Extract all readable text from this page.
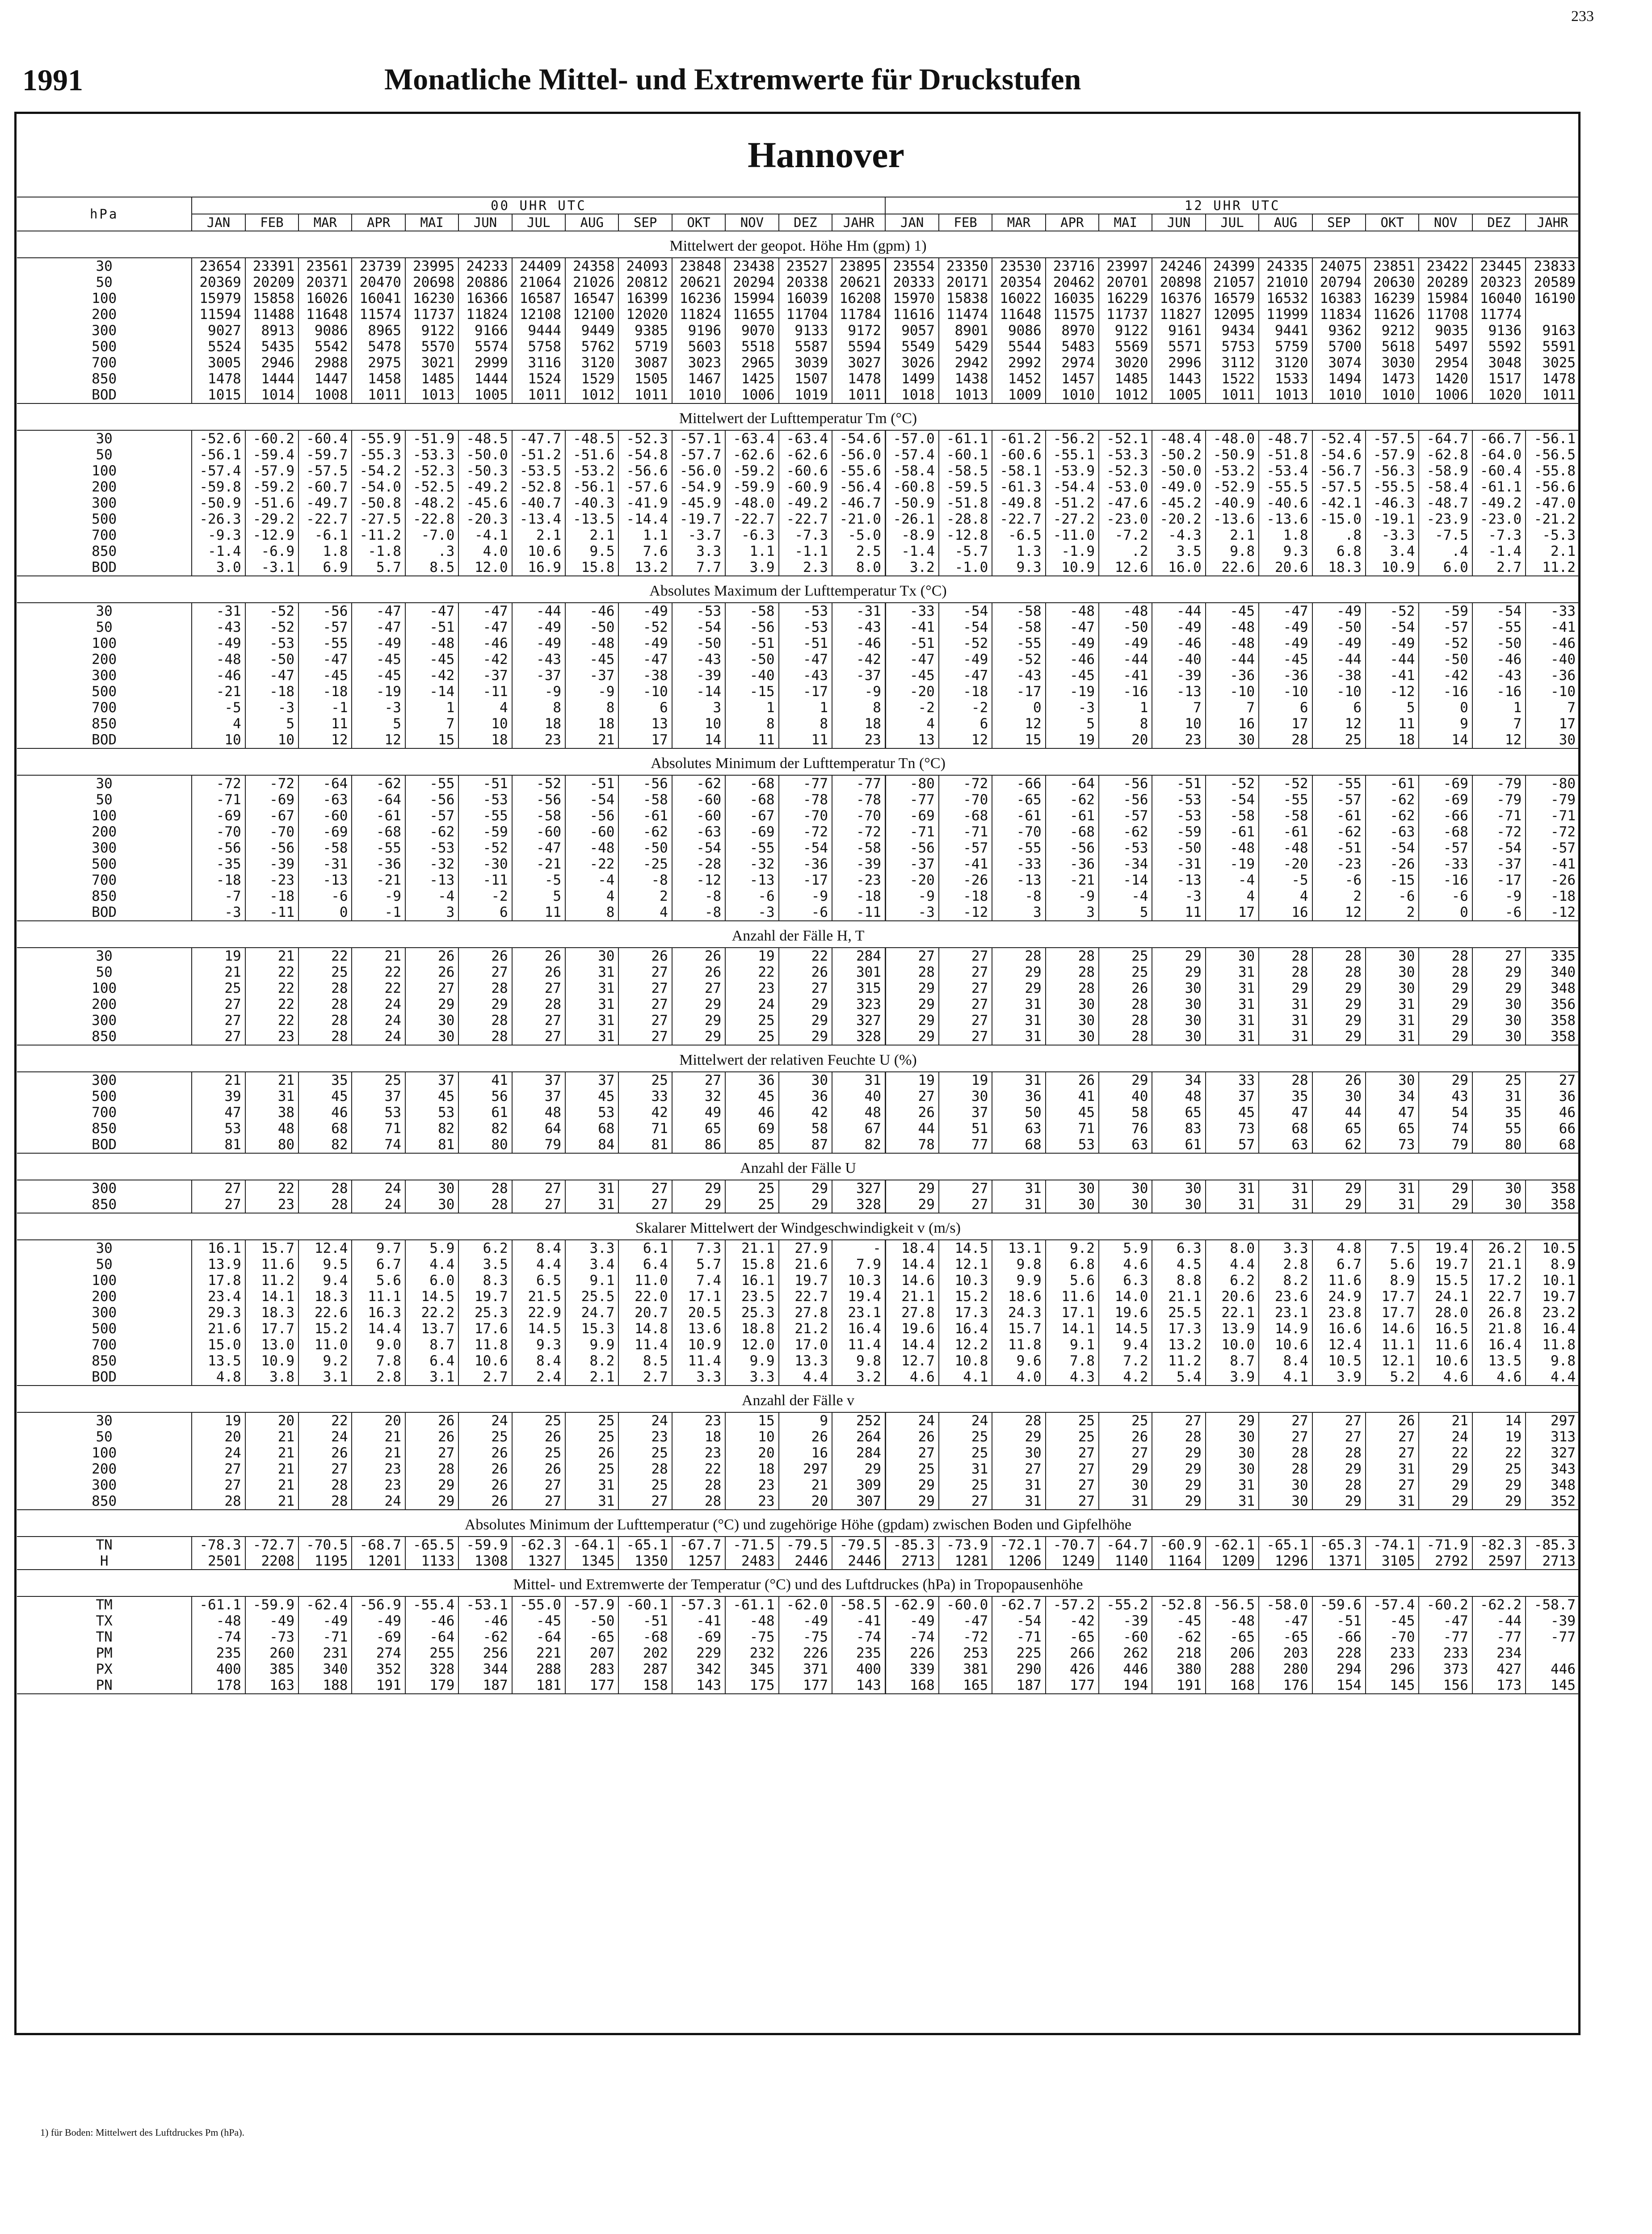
233
1991	Monatliche Mittel- und Extremwerte für Druckstufen
Hannover
hPa	00 UHR UTC													12 UHR UTC												
	JAN	FEB	MAR	APR	MAI	JUN	JUL	AUG	SEP	OKT	NOV	DEZ	JAHR	JAN	FEB	MAR	APR	MAI	JUN	JUL	AUG	SEP	OKT	NOV	DEZ	JAHR
Mittelwert der geopot. Höhe Hm (gpm) 1)																										
30	23654	23391	23561	23739	23995	24233	24409	24358	24093	23848	23438	23527	23895	23554	23350	23530	23716	23997	24246	24399	24335	24075	23851	23422	23445	23833
50	20369	20209	20371	20470	20698	20886	21064	21026	20812	20621	20294	20338	20621	20333	20171	20354	20462	20701	20898	21057	21010	20794	20630	20289	20323	20589
100	15979	15858	16026	16041	16230	16366	16587	16547	16399	16236	15994	16039	16208	15970	15838	16022	16035	16229	16376	16579	16532	16383	16239	15984	16040	16190
200	11594	11488	11648	11574	11737	11824	12108	12100	12020	11824	11655	11704	11784	11616	11474	11648	11575	11737	11827	12095	11999	11834	11626	11708	11774	
300	9027	8913	9086	8965	9122	9166	9444	9449	9385	9196	9070	9133	9172	9057	8901	9086	8970	9122	9161	9434	9441	9362	9212	9035	9136	9163
500	5524	5435	5542	5478	5570	5574	5758	5762	5719	5603	5518	5587	5594	5549	5429	5544	5483	5569	5571	5753	5759	5700	5618	5497	5592	5591
700	3005	2946	2988	2975	3021	2999	3116	3120	3087	3023	2965	3039	3027	3026	2942	2992	2974	3020	2996	3112	3120	3074	3030	2954	3048	3025
850	1478	1444	1447	1458	1485	1444	1524	1529	1505	1467	1425	1507	1478	1499	1438	1452	1457	1485	1443	1522	1533	1494	1473	1420	1517	1478
BOD	1015	1014	1008	1011	1013	1005	1011	1012	1011	1010	1006	1019	1011	1018	1013	1009	1010	1012	1005	1011	1013	1010	1010	1006	1020	1011
Mittelwert der Lufttemperatur Tm (°C)																										
30	-52.6	-60.2	-60.4	-55.9	-51.9	-48.5	-47.7	-48.5	-52.3	-57.1	-63.4	-63.4	-54.6	-57.0	-61.1	-61.2	-56.2	-52.1	-48.4	-48.0	-48.7	-52.4	-57.5	-64.7	-66.7	-56.1
50	-56.1	-59.4	-59.7	-55.3	-53.3	-50.0	-51.2	-51.6	-54.8	-57.7	-62.6	-62.6	-56.0	-57.4	-60.1	-60.6	-55.1	-53.3	-50.2	-50.9	-51.8	-54.6	-57.9	-62.8	-64.0	-56.5
100	-57.4	-57.9	-57.5	-54.2	-52.3	-50.3	-53.5	-53.2	-56.6	-56.0	-59.2	-60.6	-55.6	-58.4	-58.5	-58.1	-53.9	-52.3	-50.0	-53.2	-53.4	-56.7	-56.3	-58.9	-60.4	-55.8
200	-59.8	-59.2	-60.7	-54.0	-52.5	-49.2	-52.8	-56.1	-57.6	-54.9	-59.9	-60.9	-56.4	-60.8	-59.5	-61.3	-54.4	-53.0	-49.0	-52.9	-55.5	-57.5	-55.5	-58.4	-61.1	-56.6
300	-50.9	-51.6	-49.7	-50.8	-48.2	-45.6	-40.7	-40.3	-41.9	-45.9	-48.0	-49.2	-46.7	-50.9	-51.8	-49.8	-51.2	-47.6	-45.2	-40.9	-40.6	-42.1	-46.3	-48.7	-49.2	-47.0
500	-26.3	-29.2	-22.7	-27.5	-22.8	-20.3	-13.4	-13.5	-14.4	-19.7	-22.7	-22.7	-21.0	-26.1	-28.8	-22.7	-27.2	-23.0	-20.2	-13.6	-13.6	-15.0	-19.1	-23.9	-23.0	-21.2
700	-9.3	-12.9	-6.1	-11.2	-7.0	-4.1	2.1	2.1	1.1	-3.7	-6.3	-7.3	-5.0	-8.9	-12.8	-6.5	-11.0	-7.2	-4.3	2.1	1.8	.8	-3.3	-7.5	-7.3	-5.3
850	-1.4	-6.9	1.8	-1.8	.3	4.0	10.6	9.5	7.6	3.3	1.1	-1.1	2.5	-1.4	-5.7	1.3	-1.9	.2	3.5	9.8	9.3	6.8	3.4	.4	-1.4	2.1
BOD	3.0	-3.1	6.9	5.7	8.5	12.0	16.9	15.8	13.2	7.7	3.9	2.3	8.0	3.2	-1.0	9.3	10.9	12.6	16.0	22.6	20.6	18.3	10.9	6.0	2.7	11.2
Absolutes Maximum der Lufttemperatur Tx (°C)																										
30	-31	-52	-56	-47	-47	-47	-44	-46	-49	-53	-58	-53	-31	-33	-54	-58	-48	-48	-44	-45	-47	-49	-52	-59	-54	-33
50	-43	-52	-57	-47	-51	-47	-49	-50	-52	-54	-56	-53	-43	-41	-54	-58	-47	-50	-49	-48	-49	-50	-54	-57	-55	-41
100	-49	-53	-55	-49	-48	-46	-49	-48	-49	-50	-51	-51	-46	-51	-52	-55	-49	-49	-46	-48	-49	-49	-49	-52	-50	-46
200	-48	-50	-47	-45	-45	-42	-43	-45	-47	-43	-50	-47	-42	-47	-49	-52	-46	-44	-40	-44	-45	-44	-44	-50	-46	-40
300	-46	-47	-45	-45	-42	-37	-37	-37	-38	-39	-40	-43	-37	-45	-47	-43	-45	-41	-39	-36	-36	-38	-41	-42	-43	-36
500	-21	-18	-18	-19	-14	-11	-9	-9	-10	-14	-15	-17	-9	-20	-18	-17	-19	-16	-13	-10	-10	-10	-12	-16	-16	-10
700	-5	-3	-1	-3	1	4	8	8	6	3	1	1	8	-2	-2	0	-3	1	7	7	6	6	5	0	1	7
850	4	5	11	5	7	10	18	18	13	10	8	8	18	4	6	12	5	8	10	16	17	12	11	9	7	17
BOD	10	10	12	12	15	18	23	21	17	14	11	11	23	13	12	15	19	20	23	30	28	25	18	14	12	30
Absolutes Minimum der Lufttemperatur Tn (°C)																										
30	-72	-72	-64	-62	-55	-51	-52	-51	-56	-62	-68	-77	-77	-80	-72	-66	-64	-56	-51	-52	-52	-55	-61	-69	-79	-80
50	-71	-69	-63	-64	-56	-53	-56	-54	-58	-60	-68	-78	-78	-77	-70	-65	-62	-56	-53	-54	-55	-57	-62	-69	-79	-79
100	-69	-67	-60	-61	-57	-55	-58	-56	-61	-60	-67	-70	-70	-69	-68	-61	-61	-57	-53	-58	-58	-61	-62	-66	-71	-71
200	-70	-70	-69	-68	-62	-59	-60	-60	-62	-63	-69	-72	-72	-71	-71	-70	-68	-62	-59	-61	-61	-62	-63	-68	-72	-72
300	-56	-56	-58	-55	-53	-52	-47	-48	-50	-54	-55	-54	-58	-56	-57	-55	-56	-53	-50	-48	-48	-51	-54	-57	-54	-57
500	-35	-39	-31	-36	-32	-30	-21	-22	-25	-28	-32	-36	-39	-37	-41	-33	-36	-34	-31	-19	-20	-23	-26	-33	-37	-41
700	-18	-23	-13	-21	-13	-11	-5	-4	-8	-12	-13	-17	-23	-20	-26	-13	-21	-14	-13	-4	-5	-6	-15	-16	-17	-26
850	-7	-18	-6	-9	-4	-2	5	4	2	-8	-6	-9	-18	-9	-18	-8	-9	-4	-3	4	4	2	-6	-6	-9	-18
BOD	-3	-11	0	-1	3	6	11	8	4	-8	-3	-6	-11	-3	-12	3	3	5	11	17	16	12	2	0	-6	-12
Anzahl der Fälle H, T																										
30	19	21	22	21	26	26	26	30	26	26	19	22	284	27	27	28	28	25	29	30	28	28	30	28	27	335
50	21	22	25	22	26	27	26	31	27	26	22	26	301	28	27	29	28	25	29	31	28	28	30	28	29	340
100	25	22	28	22	27	28	27	31	27	27	23	27	315	29	27	29	28	26	30	31	29	29	30	29	29	348
200	27	22	28	24	29	29	28	31	27	29	24	29	323	29	27	31	30	28	30	31	31	29	31	29	30	356
300	27	22	28	24	30	28	27	31	27	29	25	29	327	29	27	31	30	28	30	31	31	29	31	29	30	358
850	27	23	28	24	30	28	27	31	27	29	25	29	328	29	27	31	30	28	30	31	31	29	31	29	30	358
Mittelwert der relativen Feuchte U (%)																										
300	21	21	35	25	37	41	37	37	25	27	36	30	31	19	19	31	26	29	34	33	28	26	30	29	25	27
500	39	31	45	37	45	56	37	45	33	32	45	36	40	27	30	36	41	40	48	37	35	30	34	43	31	36
700	47	38	46	53	53	61	48	53	42	49	46	42	48	26	37	50	45	58	65	45	47	44	47	54	35	46
850	53	48	68	71	82	82	64	68	71	65	69	58	67	44	51	63	71	76	83	73	68	65	65	74	55	66
BOD	81	80	82	74	81	80	79	84	81	86	85	87	82	78	77	68	53	63	61	57	63	62	73	79	80	68
Anzahl der Fälle U																										
300	27	22	28	24	30	28	27	31	27	29	25	29	327	29	27	31	30	30	30	31	31	29	31	29	30	358
850	27	23	28	24	30	28	27	31	27	29	25	29	328	29	27	31	30	30	30	31	31	29	31	29	30	358
Skalarer Mittelwert der Windgeschwindigkeit v (m/s)																										
30	16.1	15.7	12.4	9.7	5.9	6.2	8.4	3.3	6.1	7.3	21.1	27.9	-	18.4	14.5	13.1	9.2	5.9	6.3	8.0	3.3	4.8	7.5	19.4	26.2	10.5
50	13.9	11.6	9.5	6.7	4.4	3.5	4.4	3.4	6.4	5.7	15.8	21.6	7.9	14.4	12.1	9.8	6.8	4.6	4.5	4.4	2.8	6.7	5.6	19.7	21.1	8.9
100	17.8	11.2	9.4	5.6	6.0	8.3	6.5	9.1	11.0	7.4	16.1	19.7	10.3	14.6	10.3	9.9	5.6	6.3	8.8	6.2	8.2	11.6	8.9	15.5	17.2	10.1
200	23.4	14.1	18.3	11.1	14.5	19.7	21.5	25.5	22.0	17.1	23.5	22.7	19.4	21.1	15.2	18.6	11.6	14.0	21.1	20.6	23.6	24.9	17.7	24.1	22.7	19.7
300	29.3	18.3	22.6	16.3	22.2	25.3	22.9	24.7	20.7	20.5	25.3	27.8	23.1	27.8	17.3	24.3	17.1	19.6	25.5	22.1	23.1	23.8	17.7	28.0	26.8	23.2
500	21.6	17.7	15.2	14.4	13.7	17.6	14.5	15.3	14.8	13.6	18.8	21.2	16.4	19.6	16.4	15.7	14.1	14.5	17.3	13.9	14.9	16.6	14.6	16.5	21.8	16.4
700	15.0	13.0	11.0	9.0	8.7	11.8	9.3	9.9	11.4	10.9	12.0	17.0	11.4	14.4	12.2	11.8	9.1	9.4	13.2	10.0	10.6	12.4	11.1	11.6	16.4	11.8
850	13.5	10.9	9.2	7.8	6.4	10.6	8.4	8.2	8.5	11.4	9.9	13.3	9.8	12.7	10.8	9.6	7.8	7.2	11.2	8.7	8.4	10.5	12.1	10.6	13.5	9.8
BOD	4.8	3.8	3.1	2.8	3.1	2.7	2.4	2.1	2.7	3.3	3.3	4.4	3.2	4.6	4.1	4.0	4.3	4.2	5.4	3.9	4.1	3.9	5.2	4.6	4.6	4.4
Anzahl der Fälle v																										
30	19	20	22	20	26	24	25	25	24	23	15	9	252	24	24	28	25	25	27	29	27	27	26	21	14	297
50	20	21	24	21	26	25	26	25	23	18	10	26	264	26	25	29	25	26	28	30	27	27	27	24	19	313
100	24	21	26	21	27	26	25	26	25	23	20	16	284	27	25	30	27	27	29	30	28	28	27	22	22	327
200	27	21	27	23	28	26	26	25	28	22	18	297	29	25	31	27	27	29	29	30	28	29	31	29	25	343
300	27	21	28	23	29	26	27	31	25	28	23	21	309	29	25	31	27	30	29	31	30	28	27	29	29	348
850	28	21	28	24	29	26	27	31	27	28	23	20	307	29	27	31	27	31	29	31	30	29	31	29	29	352
Absolutes Minimum der Lufttemperatur (°C) und zugehörige Höhe (gpdam) zwischen Boden und Gipfelhöhe																										
TN	-78.3	-72.7	-70.5	-68.7	-65.5	-59.9	-62.3	-64.1	-65.1	-67.7	-71.5	-79.5	-79.5	-85.3	-73.9	-72.1	-70.7	-64.7	-60.9	-62.1	-65.1	-65.3	-74.1	-71.9	-82.3	-85.3
H	2501	2208	1195	1201	1133	1308	1327	1345	1350	1257	2483	2446	2446	2713	1281	1206	1249	1140	1164	1209	1296	1371	3105	2792	2597	2713
Mittel- und Extremwerte der Temperatur (°C) und des Luftdruckes (hPa) in Tropopausenhöhe																										
TM	-61.1	-59.9	-62.4	-56.9	-55.4	-53.1	-55.0	-57.9	-60.1	-57.3	-61.1	-62.0	-58.5	-62.9	-60.0	-62.7	-57.2	-55.2	-52.8	-56.5	-58.0	-59.6	-57.4	-60.2	-62.2	-58.7
TX	-48	-49	-49	-49	-46	-46	-45	-50	-51	-41	-48	-49	-41	-49	-47	-54	-42	-39	-45	-48	-47	-51	-45	-47	-44	-39
TN	-74	-73	-71	-69	-64	-62	-64	-65	-68	-69	-75	-75	-74	-74	-72	-71	-65	-60	-62	-65	-65	-66	-70	-77	-77	-77
PM	235	260	231	274	255	256	221	207	202	229	232	226	235	226	253	225	266	262	218	206	203	228	233	233	234	
PX	400	385	340	352	328	344	288	283	287	342	345	371	400	339	381	290	426	446	380	288	280	294	296	373	427	446
PN	178	163	188	191	179	187	181	177	158	143	175	177	143	168	165	187	177	194	191	168	176	154	145	156	173	145
1) für Boden: Mittelwert des Luftdruckes Pm (hPa).
